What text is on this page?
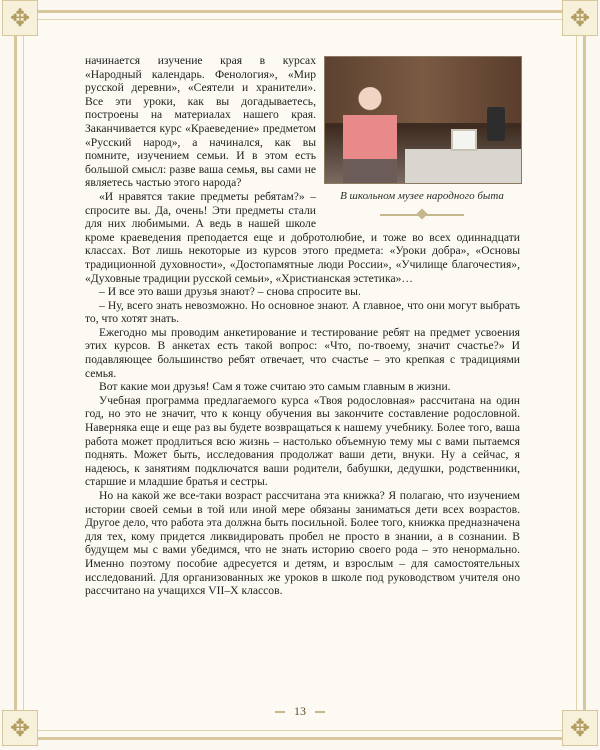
✥	✥
✥	✥
В школьном музее народного быта

начинается изучение края в курсах «Народный календарь. Фенология», «Мир русской деревни», «Сеятели и хранители». Все эти уроки, как вы догадываетесь, построены на материалах нашего края. Заканчивается курс «Краеведение» предметом «Русский народ», а начинался, как вы помните, изучением семьи. И в этом есть большой смысл: разве ваша семья, вы сами не являетесь частью этого народа?

«И нравятся такие предметы ребятам?» – спросите вы. Да, очень! Эти предметы стали для них любимыми. А ведь в нашей школе кроме краеведения преподается еще и добротолюбие, и тоже во всех одиннадцати классах. Вот лишь некоторые из курсов этого предмета: «Уроки добра», «Основы традиционной духовности», «Достопамятные люди России», «Училище благочестия», «Духовные традиции русской семьи», «Христианская эстетика»…

– И все это ваши друзья знают? – снова спросите вы.

– Ну, всего знать невозможно. Но основное знают. А главное, что они могут выбрать то, что хотят знать.

Ежегодно мы проводим анкетирование и тестирование ребят на предмет усвоения этих курсов. В анкетах есть такой вопрос: «Что, по-твоему, значит счастье?» И подавляющее большинство ребят отвечает, что счастье – это крепкая с традициями семья.

Вот какие мои друзья! Сам я тоже считаю это самым главным в жизни.

Учебная программа предлагаемого курса «Твоя родословная» рассчитана на один год, но это не значит, что к концу обучения вы закончите составление родословной. Наверняка еще и еще раз вы будете возвращаться к нашему учебнику. Более того, ваша работа может продлиться всю жизнь – настолько объемную тему мы с вами пытаемся поднять. Может быть, исследования продолжат ваши дети, внуки. Ну а сейчас, я надеюсь, к занятиям подключатся ваши родители, бабушки, дедушки, родственники, старшие и младшие братья и сестры.

Но на какой же все-таки возраст рассчитана эта книжка? Я полагаю, что изучением истории своей семьи в той или иной мере обязаны заниматься дети всех возрастов. Другое дело, что работа эта должна быть посильной. Более того, книжка предназначена для тех, кому придется ликвидировать пробел не просто в знании, а в сознании. В будущем мы с вами убедимся, что не знать историю своего рода – это ненормально. Именно поэтому пособие адресуется и детям, и взрослым – для самостоятельных исследований. Для организованных же уроков в школе под руководством учителя оно рассчитано на учащихся VII–X классов.

13
